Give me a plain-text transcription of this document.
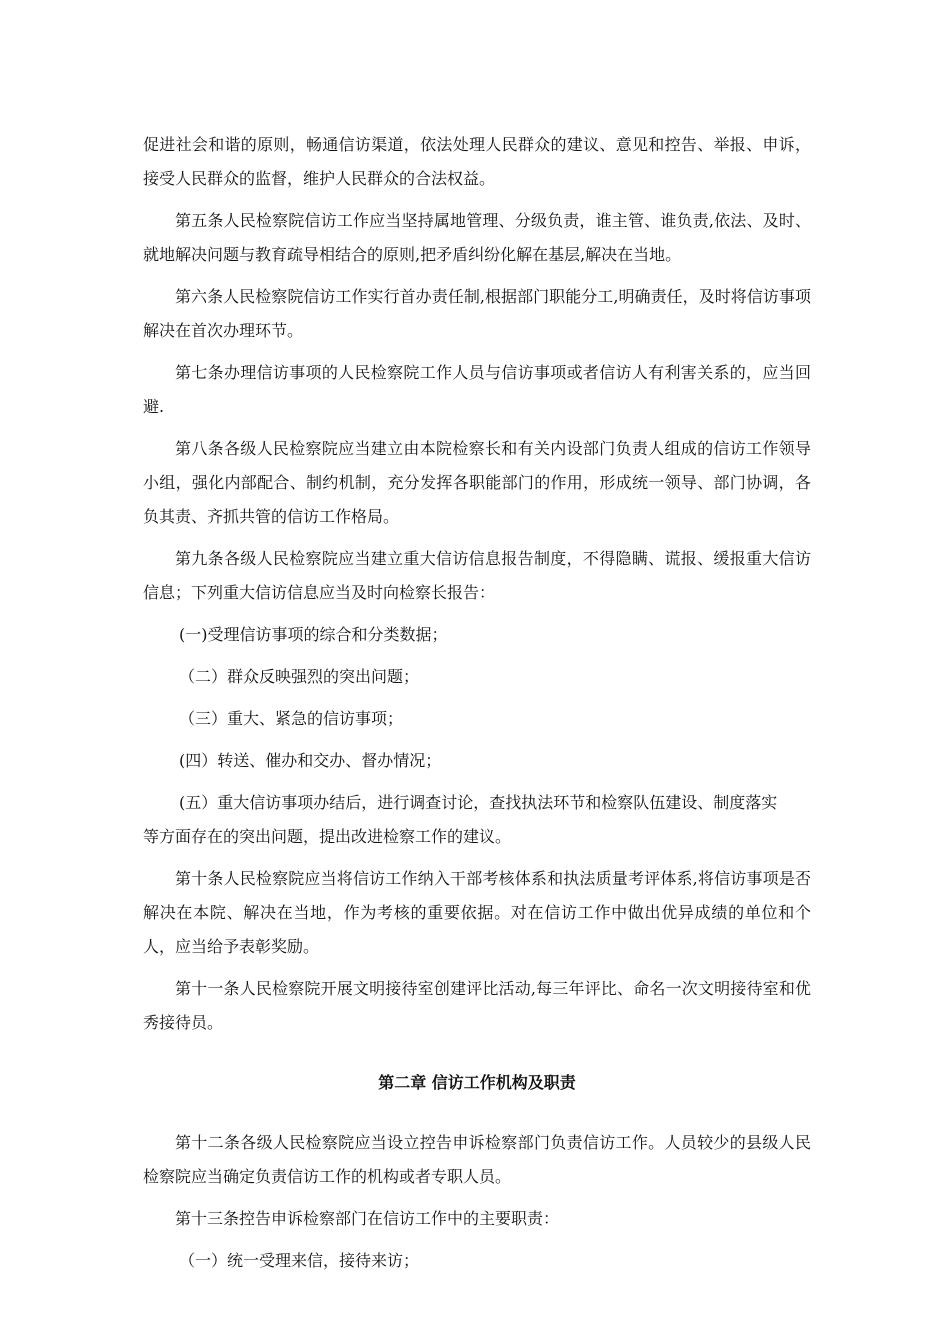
促进社会和谐的原则，畅通信访渠道，依法处理人民群众的建议、意见和控告、举报、申诉，接受人民群众的监督，维护人民群众的合法权益。

第五条人民检察院信访工作应当坚持属地管理、分级负责，谁主管、谁负责,依法、及时、就地解决问题与教育疏导相结合的原则,把矛盾纠纷化解在基层,解决在当地。

第六条人民检察院信访工作实行首办责任制,根据部门职能分工,明确责任，及时将信访事项解决在首次办理环节。

第七条办理信访事项的人民检察院工作人员与信访事项或者信访人有利害关系的，应当回避.

第八条各级人民检察院应当建立由本院检察长和有关内设部门负责人组成的信访工作领导小组，强化内部配合、制约机制，充分发挥各职能部门的作用，形成统一领导、部门协调，各负其责、齐抓共管的信访工作格局。

第九条各级人民检察院应当建立重大信访信息报告制度，不得隐瞒、谎报、缓报重大信访信息；下列重大信访信息应当及时向检察长报告：

(一)受理信访事项的综合和分类数据；

（二）群众反映强烈的突出问题；

（三）重大、紧急的信访事项；

(四）转送、催办和交办、督办情况；

(五）重大信访事项办结后，进行调查讨论，查找执法环节和检察队伍建设、制度落实
等方面存在的突出问题，提出改进检察工作的建议。

第十条人民检察院应当将信访工作纳入干部考核体系和执法质量考评体系,将信访事项是否解决在本院、解决在当地，作为考核的重要依据。对在信访工作中做出优异成绩的单位和个人，应当给予表彰奖励。

第十一条人民检察院开展文明接待室创建评比活动,每三年评比、命名一次文明接待室和优秀接待员。

第二章 信访工作机构及职责

第十二条各级人民检察院应当设立控告申诉检察部门负责信访工作。人员较少的县级人民检察院应当确定负责信访工作的机构或者专职人员。

第十三条控告申诉检察部门在信访工作中的主要职责：

（一）统一受理来信，接待来访；
